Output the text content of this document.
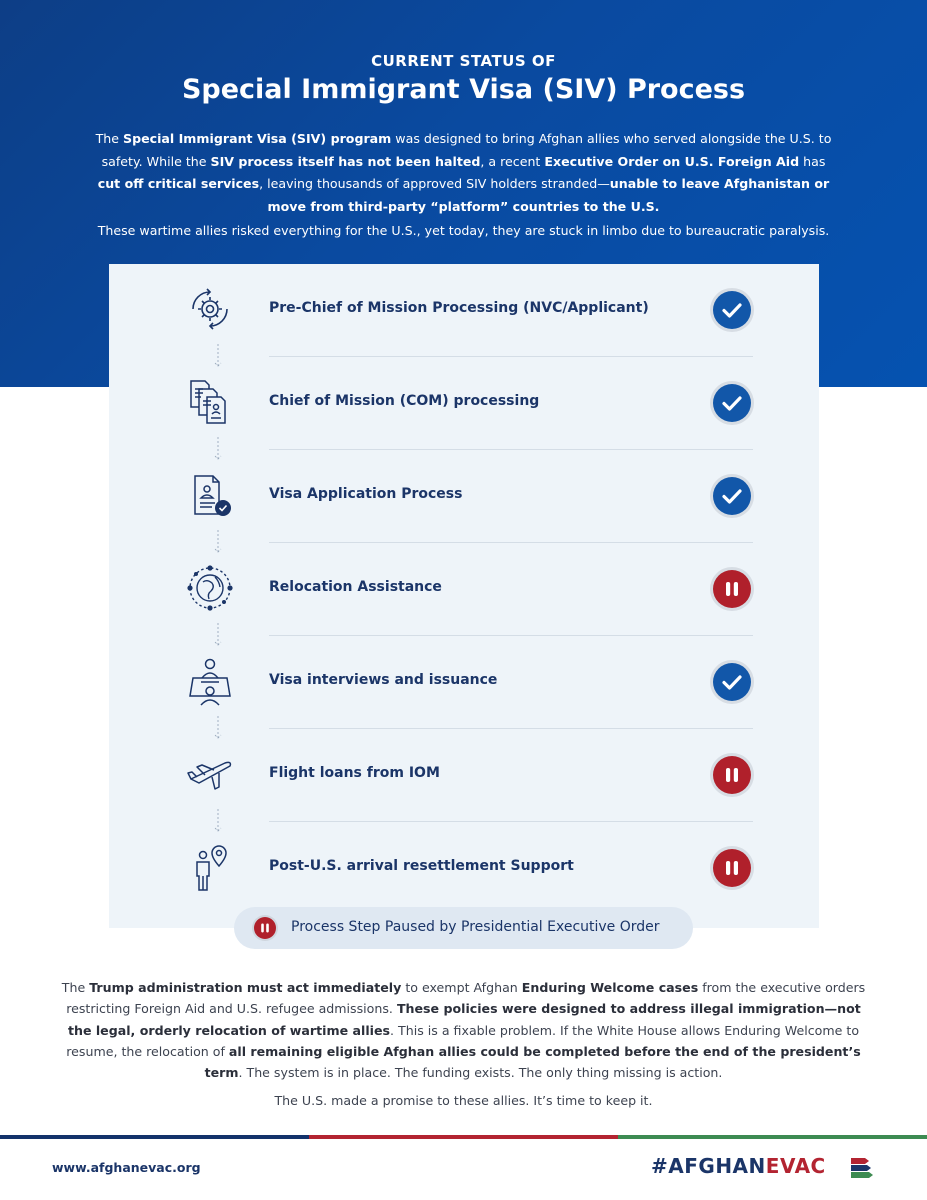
CURRENT STATUS OF
Special Immigrant Visa (SIV) Process
The Special Immigrant Visa (SIV) program was designed to bring Afghan allies who served alongside the U.S. to safety. While the SIV process itself has not been halted, a recent Executive Order on U.S. Foreign Aid has cut off critical services, leaving thousands of approved SIV holders stranded—unable to leave Afghanistan or move from third-party “platform” countries to the U.S.
These wartime allies risked everything for the U.S., yet today, they are stuck in limbo due to bureaucratic paralysis.
Pre-Chief of Mission Processing (NVC/Applicant)
Chief of Mission (COM) processing
Visa Application Process
Relocation Assistance
Visa interviews and issuance
Flight loans from IOM
Post-U.S. arrival resettlement Support
Process Step Paused by Presidential Executive Order
The Trump administration must act immediately to exempt Afghan Enduring Welcome cases from the executive orders restricting Foreign Aid and U.S. refugee admissions. These policies were designed to address illegal immigration—not the legal, orderly relocation of wartime allies. This is a fixable problem. If the White House allows Enduring Welcome to resume, the relocation of all remaining eligible Afghan allies could be completed before the end of the president’s term. The system is in place. The funding exists. The only thing missing is action.
The U.S. made a promise to these allies. It’s time to keep it.
www.afghanevac.org	#AFGHANEVAC
